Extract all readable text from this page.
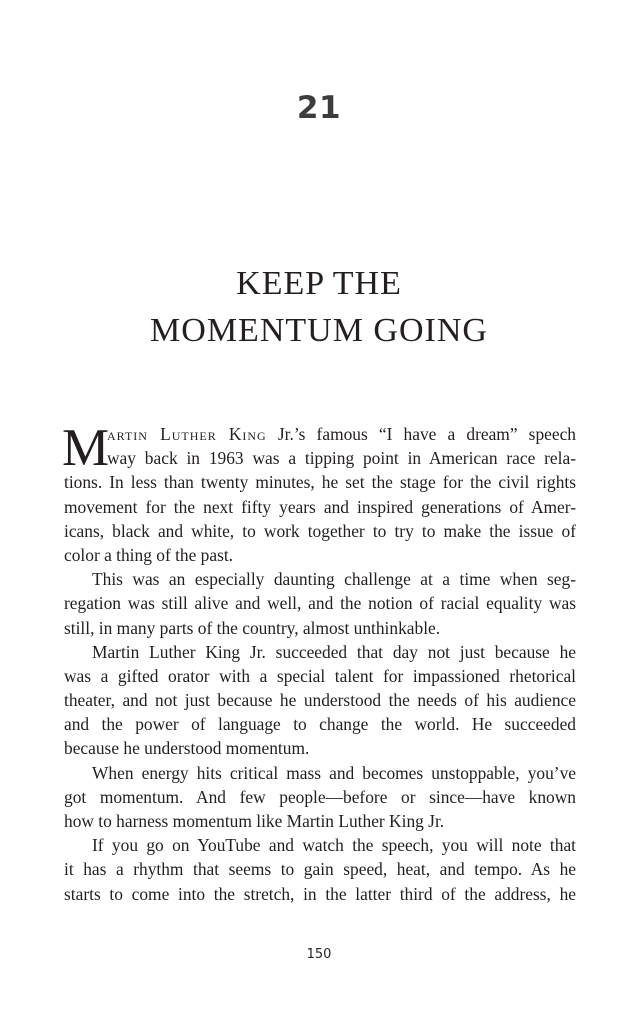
21
KEEP THE
MOMENTUM GOING
M
artin Luther King Jr.’s famous “I have a dream” speech
way back in 1963 was a tipping point in American race rela-
tions. In less than twenty minutes, he set the stage for the civil rights
movement for the next fifty years and inspired generations of Amer-
icans, black and white, to work together to try to make the issue of
color a thing of the past.
This was an especially daunting challenge at a time when seg-
regation was still alive and well, and the notion of racial equality was
still, in many parts of the country, almost unthinkable.
Martin Luther King Jr. succeeded that day not just because he
was a gifted orator with a special talent for impassioned rhetorical
theater, and not just because he understood the needs of his audience
and the power of language to change the world. He succeeded
because he understood momentum.
When energy hits critical mass and becomes unstoppable, you’ve
got momentum. And few people—before or since—have known
how to harness momentum like Martin Luther King Jr.
If you go on YouTube and watch the speech, you will note that
it has a rhythm that seems to gain speed, heat, and tempo. As he
starts to come into the stretch, in the latter third of the address, he
150
